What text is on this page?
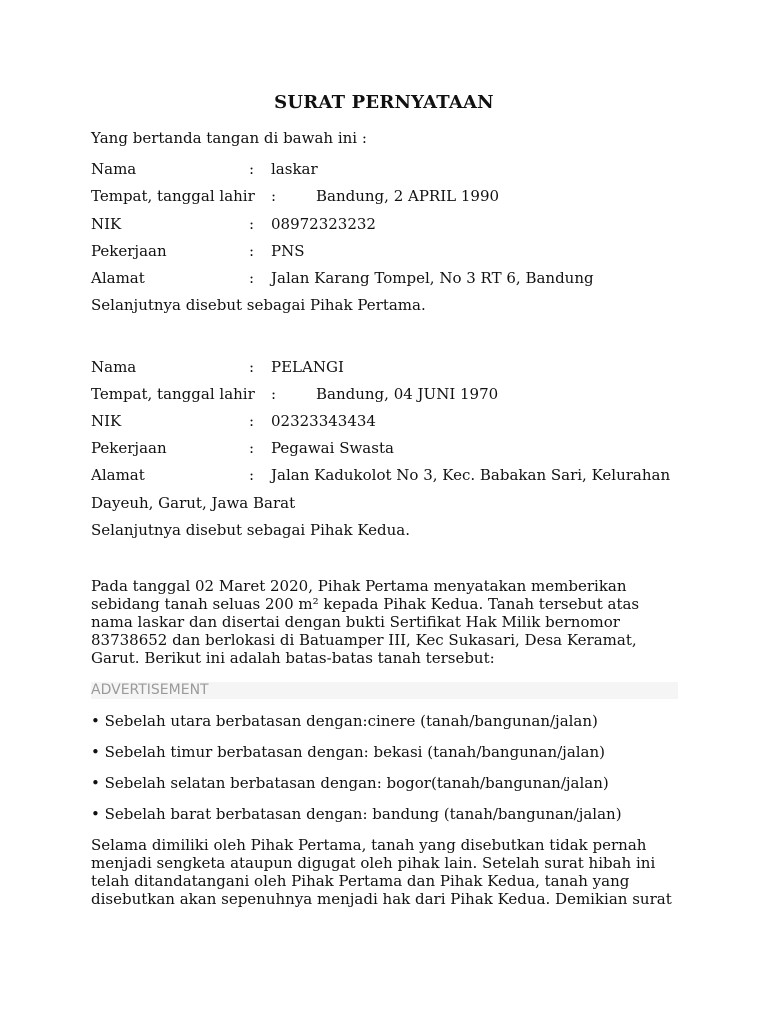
SURAT PERNYATAAN
Yang bertanda tangan di bawah ini :
Nama	: laskar
Tempat, tanggal lahir :	Bandung, 2 APRIL 1990
NIK	: 08972323232
Pekerjaan	: PNS
Alamat	: Jalan Karang Tompel, No 3 RT 6, Bandung
Selanjutnya disebut sebagai Pihak Pertama.
Nama	: PELANGI
Tempat, tanggal lahir :	Bandung, 04 JUNI 1970
NIK	: 02323343434
Pekerjaan	: Pegawai Swasta
Alamat	: Jalan Kadukolot No 3, Kec. Babakan Sari, Kelurahan
Dayeuh, Garut, Jawa Barat
Selanjutnya disebut sebagai Pihak Kedua.
Pada tanggal 02 Maret 2020, Pihak Pertama menyatakan memberikan
sebidang tanah seluas 200 m² kepada Pihak Kedua. Tanah tersebut atas
nama laskar dan disertai dengan bukti Sertifikat Hak Milik bernomor
83738652 dan berlokasi di Batuamper III, Kec Sukasari, Desa Keramat,
Garut. Berikut ini adalah batas-batas tanah tersebut:
ADVERTISEMENT
• Sebelah utara berbatasan dengan:cinere (tanah/bangunan/jalan)
• Sebelah timur berbatasan dengan: bekasi (tanah/bangunan/jalan)
• Sebelah selatan berbatasan dengan: bogor(tanah/bangunan/jalan)
• Sebelah barat berbatasan dengan: bandung (tanah/bangunan/jalan)
Selama dimiliki oleh Pihak Pertama, tanah yang disebutkan tidak pernah
menjadi sengketa ataupun digugat oleh pihak lain. Setelah surat hibah ini
telah ditandatangani oleh Pihak Pertama dan Pihak Kedua, tanah yang
disebutkan akan sepenuhnya menjadi hak dari Pihak Kedua. Demikian surat
